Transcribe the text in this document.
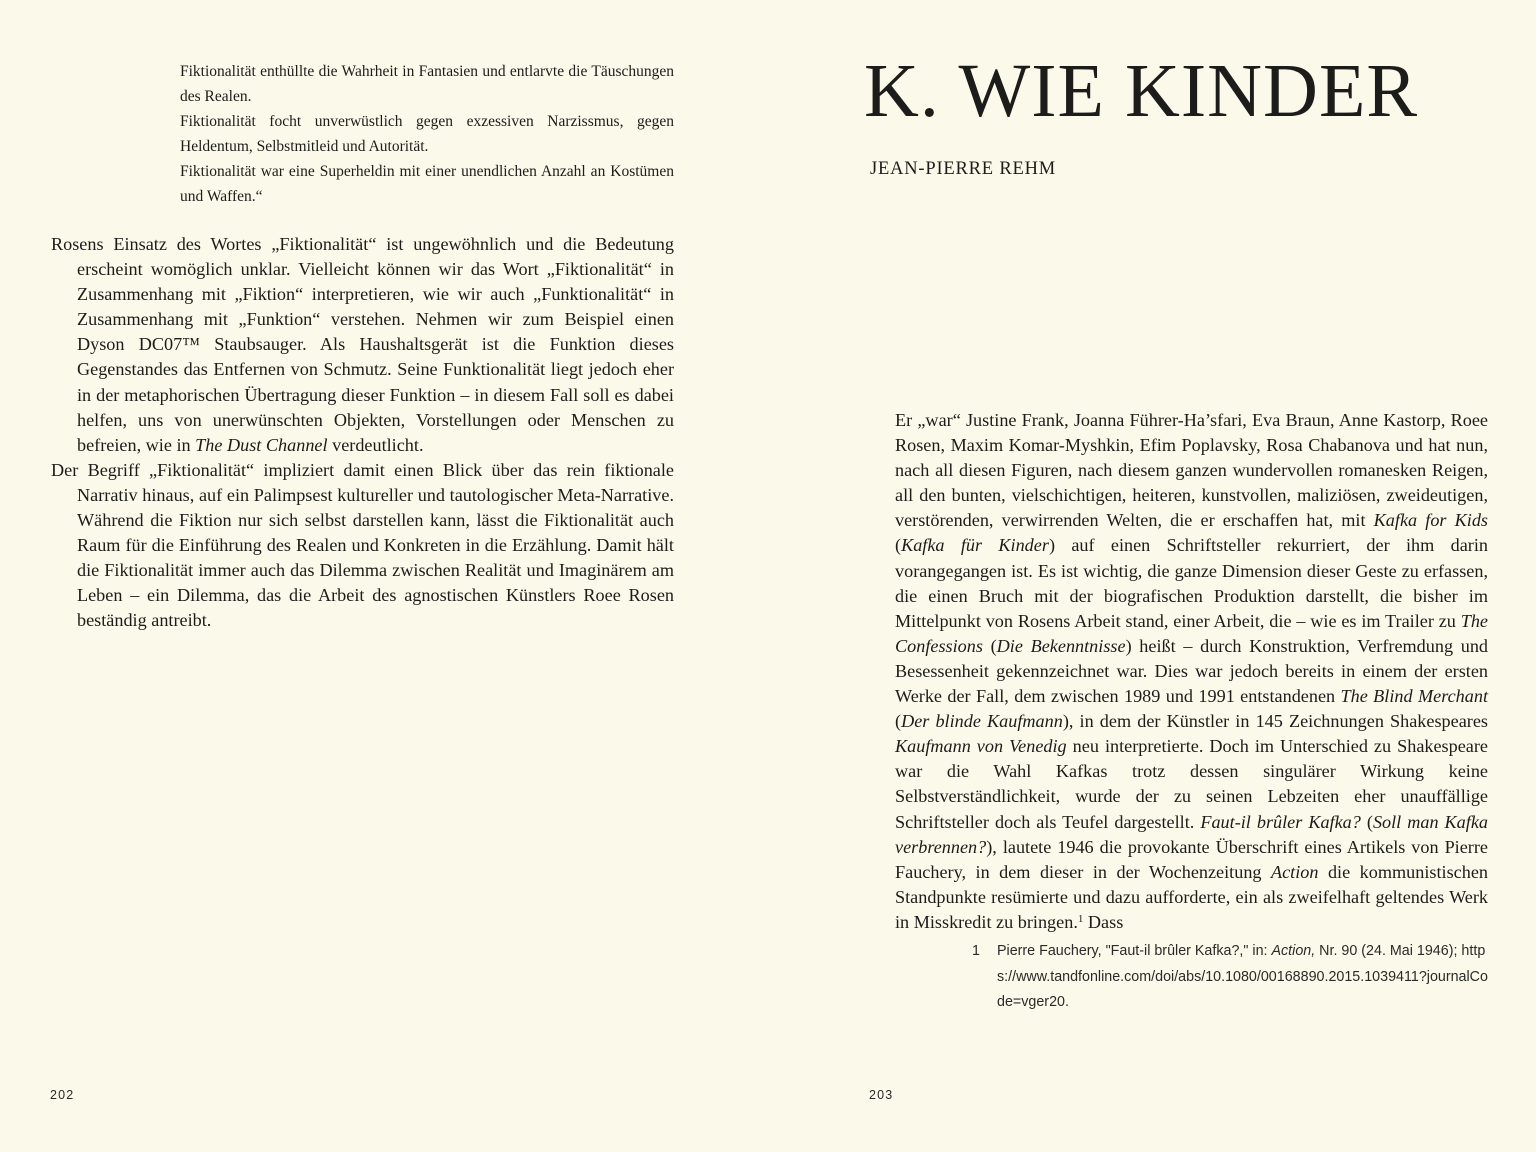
Fiktionalität enthüllte die Wahrheit in Fantasien und entlarvte die Täuschungen des Realen.

Fiktionalität focht unverwüstlich gegen exzessiven Narzissmus, gegen Heldentum, Selbstmitleid und Autorität.

Fiktionalität war eine Superheldin mit einer unendlichen Anzahl an Kostümen und Waffen.“

Rosens Einsatz des Wortes „Fiktionalität“ ist ungewöhnlich und die Bedeutung erscheint womöglich unklar. Vielleicht können wir das Wort „Fiktionalität“ in Zusammenhang mit „Fiktion“ interpretieren, wie wir auch „Funktionalität“ in Zusammenhang mit „Funktion“ verstehen. Nehmen wir zum Beispiel einen Dyson DC07™ Staubsauger. Als Haushaltsgerät ist die Funktion dieses Gegenstandes das Entfernen von Schmutz. Seine Funktionalität liegt jedoch eher in der metaphorischen Übertragung dieser Funktion – in diesem Fall soll es dabei helfen, uns von unerwünschten Objekten, Vorstellungen oder Menschen zu befreien, wie in The Dust Channel verdeutlicht.

Der Begriff „Fiktionalität“ impliziert damit einen Blick über das rein fiktionale Narrativ hinaus, auf ein Palimpsest kultureller und tautologischer Meta-Narrative. Während die Fiktion nur sich selbst darstellen kann, lässt die Fiktionalität auch Raum für die Einführung des Realen und Konkreten in die Erzählung. Damit hält die Fiktionalität immer auch das Dilemma zwischen Realität und Imaginärem am Leben – ein Dilemma, das die Arbeit des agnostischen Künstlers Roee Rosen beständig antreibt.

202
K. WIE KINDER
JEAN-PIERRE REHM

Er „war“ Justine Frank, Joanna Führer-Ha’sfari, Eva Braun, Anne Kastorp, Roee Rosen, Maxim Komar-Myshkin, Efim Poplavsky, Rosa Chabanova und hat nun, nach all diesen Figuren, nach diesem ganzen wundervollen romanesken Reigen, all den bunten, vielschichtigen, heiteren, kunstvollen, maliziösen, zweideutigen, verstörenden, verwirrenden Welten, die er erschaffen hat, mit Kafka for Kids (Kafka für Kinder) auf einen Schriftsteller rekurriert, der ihm darin vorangegangen ist. Es ist wichtig, die ganze Dimension dieser Geste zu erfassen, die einen Bruch mit der biografischen Produktion darstellt, die bisher im Mittelpunkt von Rosens Arbeit stand, einer Arbeit, die – wie es im Trailer zu The Confessions (Die Bekenntnisse) heißt – durch Konstruktion, Verfremdung und Besessenheit gekennzeichnet war. Dies war jedoch bereits in einem der ersten Werke der Fall, dem zwischen 1989 und 1991 entstandenen The Blind Merchant (Der blinde Kaufmann), in dem der Künstler in 145 Zeichnungen Shakespeares Kaufmann von Venedig neu interpretierte. Doch im Unterschied zu Shakespeare war die Wahl Kafkas trotz dessen singulärer Wirkung keine Selbstverständlichkeit, wurde der zu seinen Lebzeiten eher unauffällige Schriftsteller doch als Teufel dargestellt. Faut-il brûler Kafka? (Soll man Kafka verbrennen?), lautete 1946 die provokante Überschrift eines Artikels von Pierre Fauchery, in dem dieser in der Wochenzeitung Action die kommunistischen Standpunkte resümierte und dazu aufforderte, ein als zweifelhaft geltendes Werk in Misskredit zu bringen.$^1$ Dass

1	Pierre Fauchery, "Faut-il brûler Kafka?," in: Action, Nr. 90 (24. Mai 1946); https://www.tandfonline.com/doi/abs/10.1080/00168890.2015.1039411?journalCode=vger20.
203
